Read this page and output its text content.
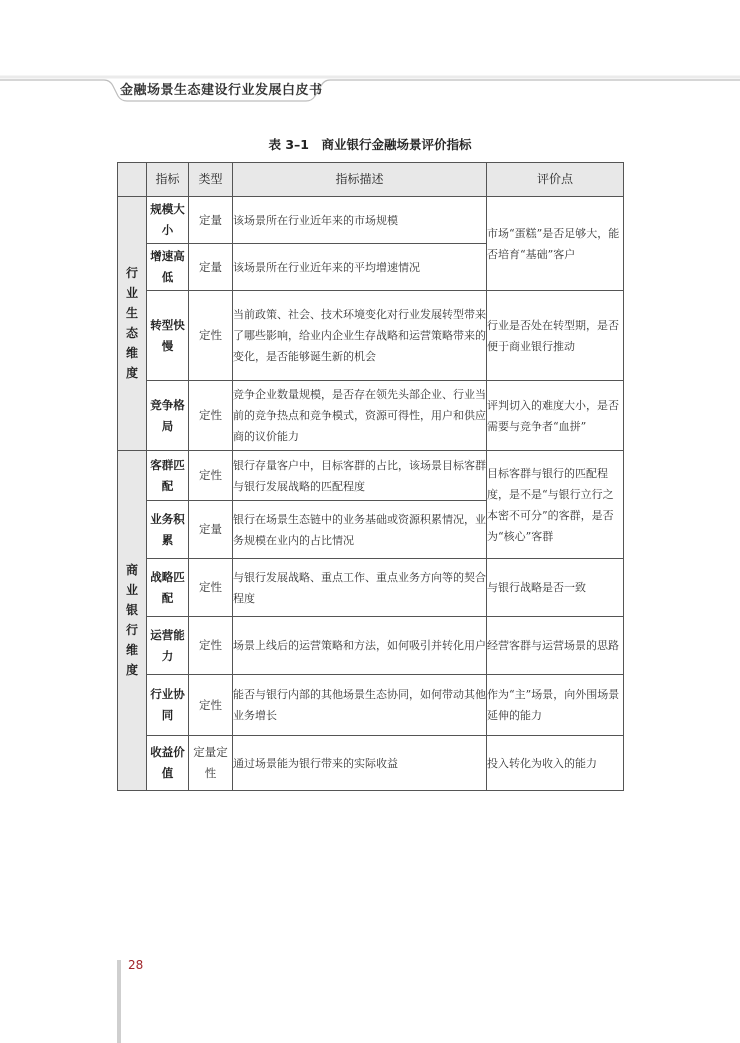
金融场景生态建设行业发展白皮书
表 3–1　商业银行金融场景评价指标
	指标	类型	指标描述	评价点
行业生态维度	规模大小	定量	该场景所在行业近年来的市场规模	市场“蛋糕”是否足够大，能否培育“基础”客户
	增速高低	定量	该场景所在行业近年来的平均增速情况	
	转型快慢	定性	当前政策、社会、技术环境变化对行业发展转型带来了哪些影响，给业内企业生存战略和运营策略带来的变化，是否能够诞生新的机会	行业是否处在转型期，是否便于商业银行推动
	竞争格局	定性	竞争企业数量规模，是否存在领先头部企业、行业当前的竞争热点和竞争模式，资源可得性，用户和供应商的议价能力	评判切入的难度大小，是否需要与竞争者“血拼”
商业银行维度	客群匹配	定性	银行存量客户中，目标客群的占比，该场景目标客群与银行发展战略的匹配程度	目标客群与银行的匹配程度，是不是“与银行立行之本密不可分”的客群，是否为“核心”客群
	业务积累	定量	银行在场景生态链中的业务基础或资源积累情况，业务规模在业内的占比情况	
	战略匹配	定性	与银行发展战略、重点工作、重点业务方向等的契合程度	与银行战略是否一致
	运营能力	定性	场景上线后的运营策略和方法，如何吸引并转化用户	经营客群与运营场景的思路
	行业协同	定性	能否与银行内部的其他场景生态协同，如何带动其他业务增长	作为“主”场景，向外围场景延伸的能力
	收益价值	定量定性	通过场景能为银行带来的实际收益	投入转化为收入的能力
28
